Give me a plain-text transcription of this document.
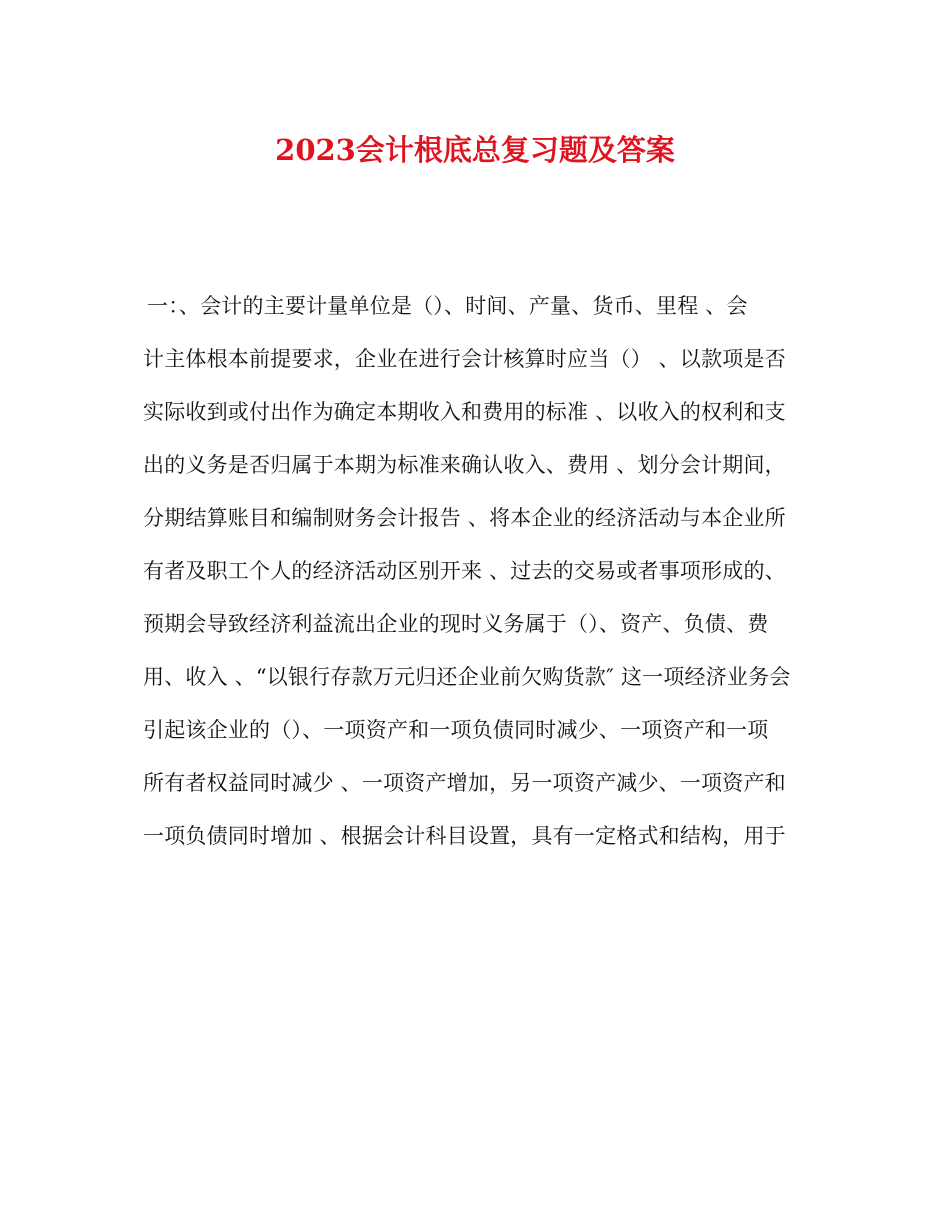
2023会计根底总复习题及答案
一：、会计的主要计量单位是（）、时间、产量、货币、里程 、会
计主体根本前提要求，企业在进行会计核算时应当（） 、以款项是否
实际收到或付出作为确定本期收入和费用的标准 、以收入的权利和支
出的义务是否归属于本期为标准来确认收入、费用 、划分会计期间，
分期结算账目和编制财务会计报告 、将本企业的经济活动与本企业所
有者及职工个人的经济活动区别开来 、过去的交易或者事项形成的、
预期会导致经济利益流出企业的现时义务属于（）、资产、负债、费
用、收入 、“以银行存款万元归还企业前欠购货款″ 这一项经济业务会
引起该企业的（）、一项资产和一项负债同时减少、一项资产和一项
所有者权益同时减少 、一项资产增加，另一项资产减少、一项资产和
一项负债同时增加 、根据会计科目设置，具有一定格式和结构，用于
